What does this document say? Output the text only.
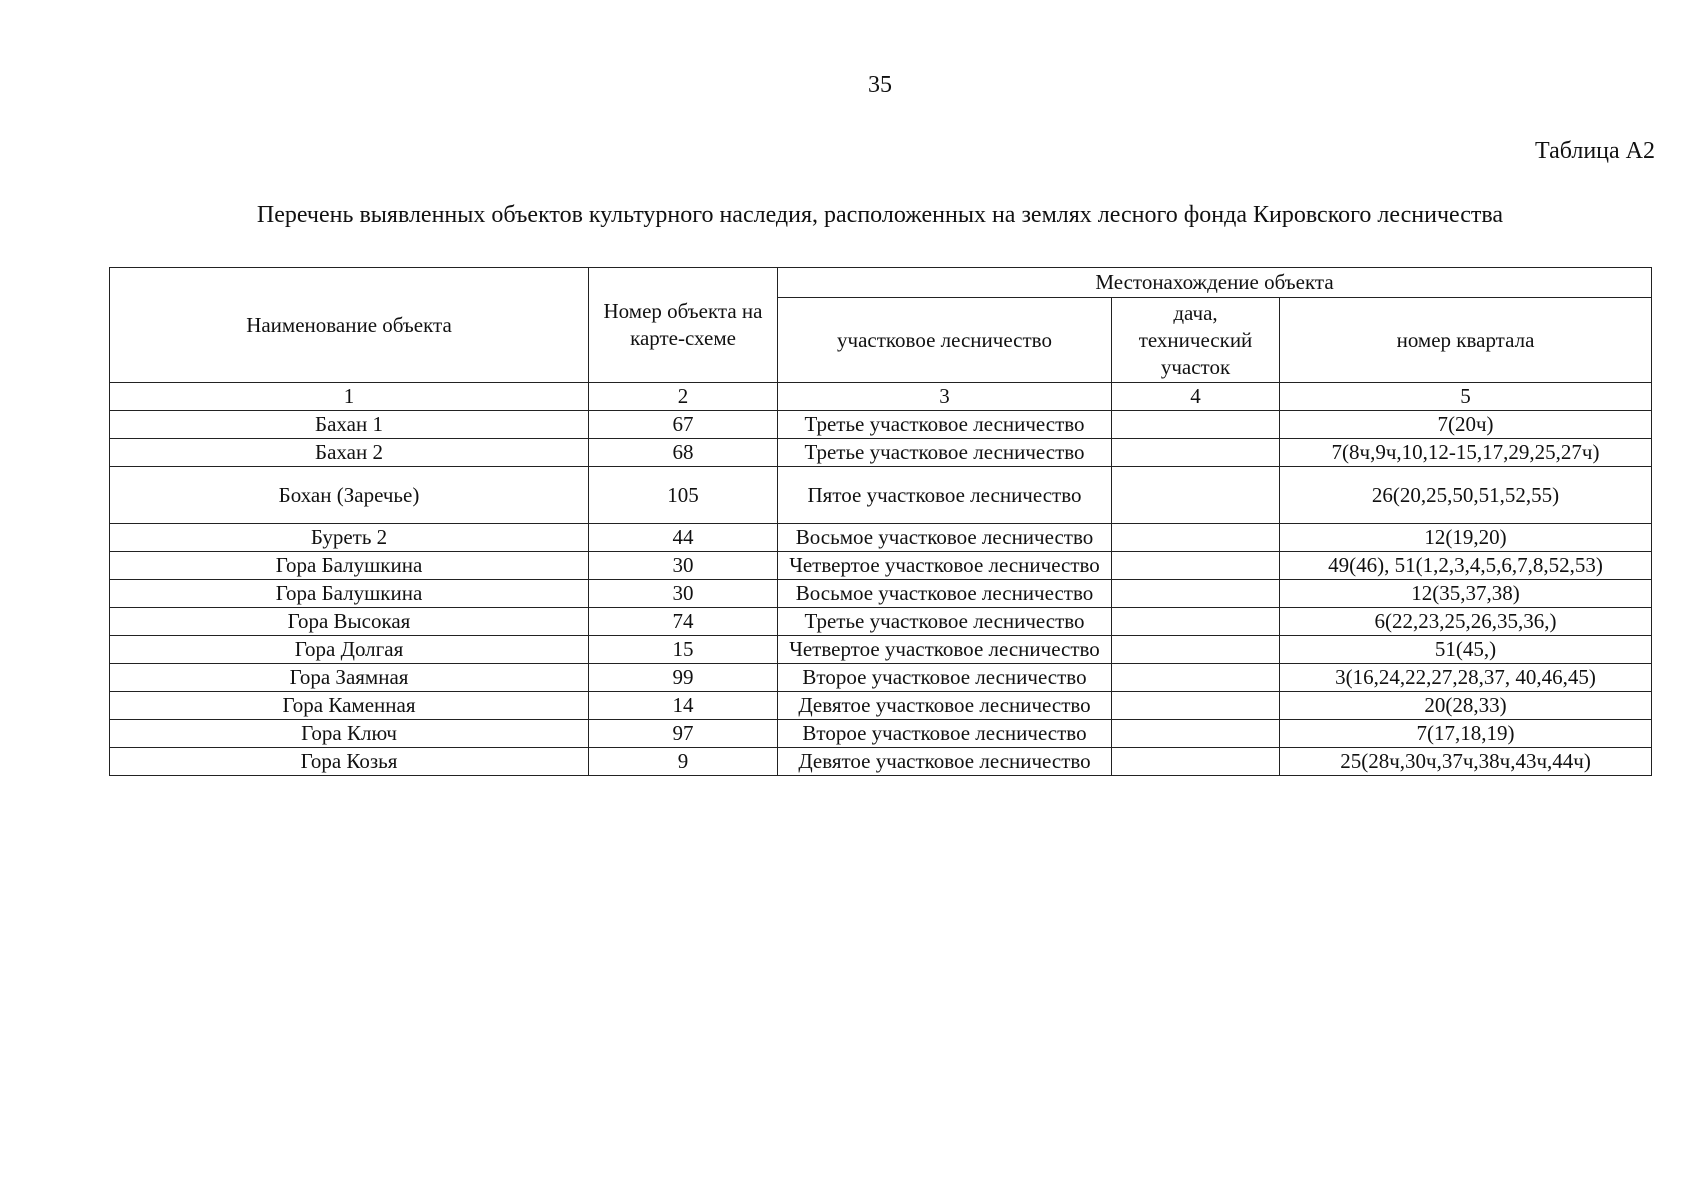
35
Таблица А2
Перечень выявленных объектов культурного наследия, расположенных на землях лесного фонда Кировского лесничества
Наименование объекта	Номер объекта на карте-схеме	Местонахождение объекта		
		участковое лесничество	дача, технический участок	номер квартала
1	2	3	4	5
Бахан 1	67	Третье участковое лесничество		7(20ч)
Бахан 2	68	Третье участковое лесничество		7(8ч,9ч,10,12-15,17,29,25,27ч)
Бохан (Заречье)	105	Пятое участковое лесничество		26(20,25,50,51,52,55)
Буреть 2	44	Восьмое участковое лесничество		12(19,20)
Гора Балушкина	30	Четвертое участковое лесничество		49(46), 51(1,2,3,4,5,6,7,8,52,53)
Гора Балушкина	30	Восьмое участковое лесничество		12(35,37,38)
Гора Высокая	74	Третье участковое лесничество		6(22,23,25,26,35,36,)
Гора Долгая	15	Четвертое участковое лесничество		51(45,)
Гора Заямная	99	Второе участковое лесничество		3(16,24,22,27,28,37, 40,46,45)
Гора Каменная	14	Девятое участковое лесничество		20(28,33)
Гора Ключ	97	Второе участковое лесничество		7(17,18,19)
Гора Козья	9	Девятое участковое лесничество		25(28ч,30ч,37ч,38ч,43ч,44ч)
